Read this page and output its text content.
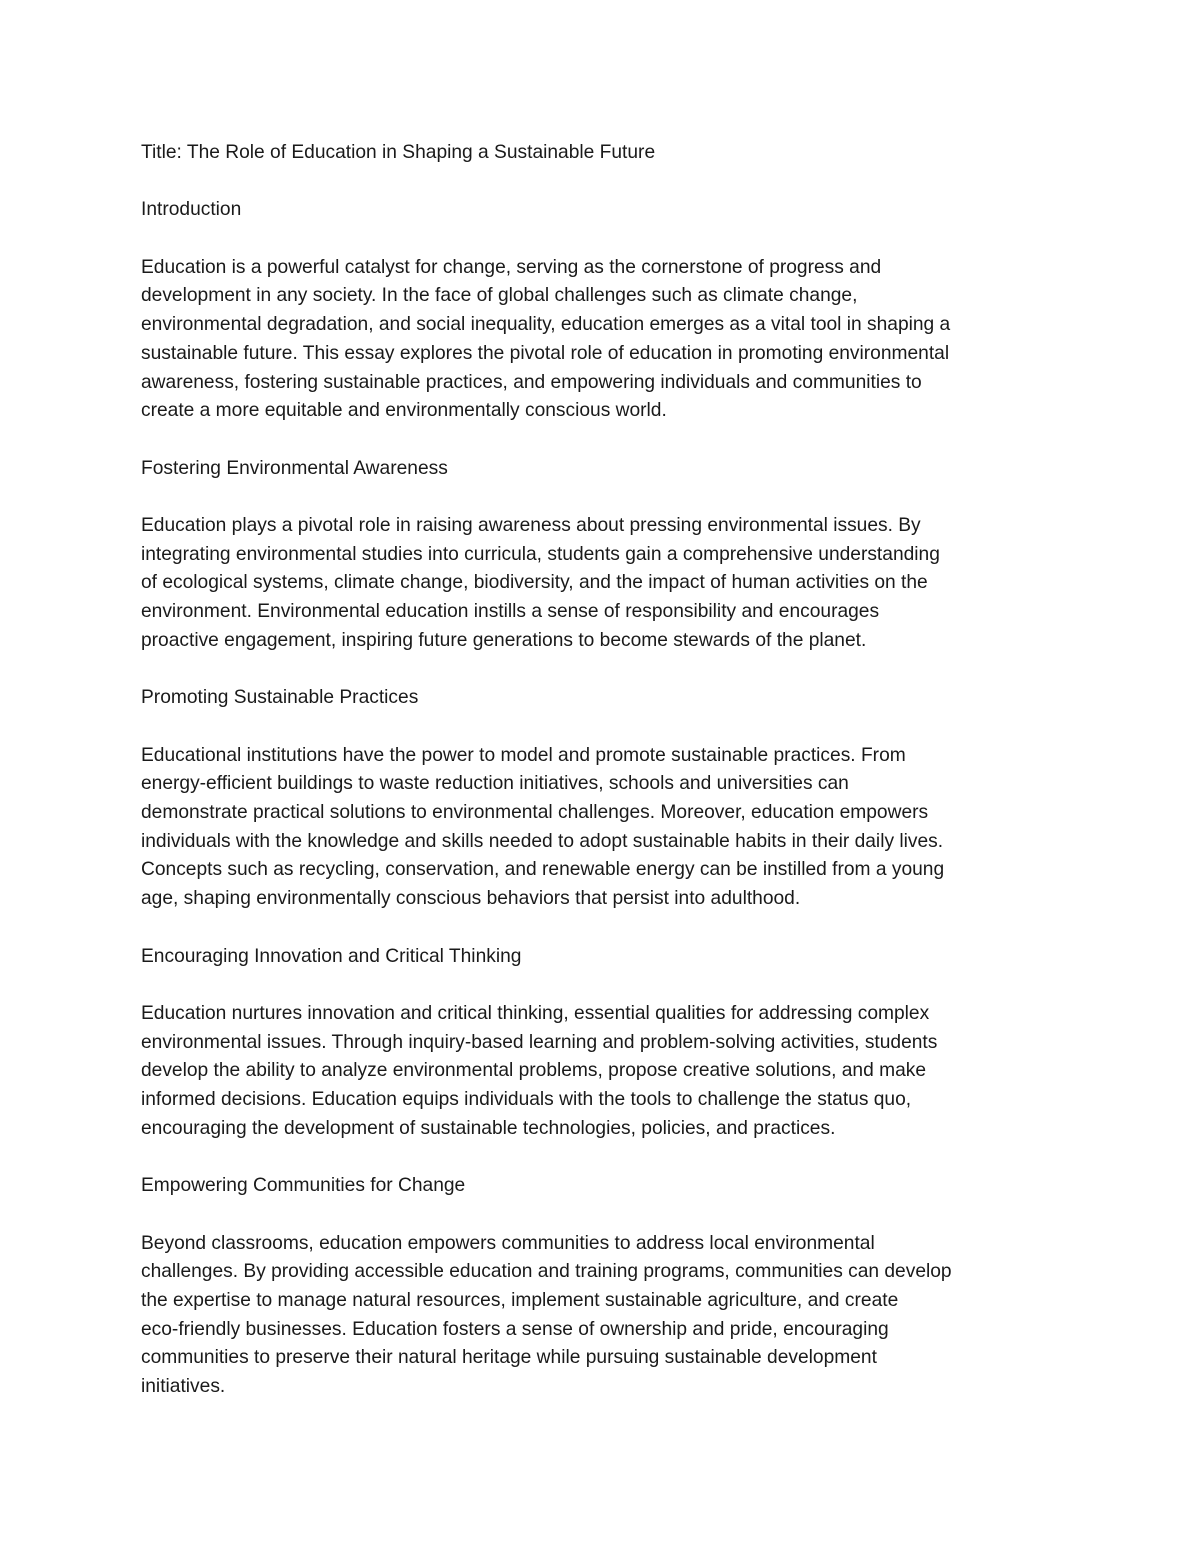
Title: The Role of Education in Shaping a Sustainable Future

Introduction

Education is a powerful catalyst for change, serving as the cornerstone of progress and
development in any society. In the face of global challenges such as climate change,
environmental degradation, and social inequality, education emerges as a vital tool in shaping a
sustainable future. This essay explores the pivotal role of education in promoting environmental
awareness, fostering sustainable practices, and empowering individuals and communities to
create a more equitable and environmentally conscious world.

Fostering Environmental Awareness

Education plays a pivotal role in raising awareness about pressing environmental issues. By
integrating environmental studies into curricula, students gain a comprehensive understanding
of ecological systems, climate change, biodiversity, and the impact of human activities on the
environment. Environmental education instills a sense of responsibility and encourages
proactive engagement, inspiring future generations to become stewards of the planet.

Promoting Sustainable Practices

Educational institutions have the power to model and promote sustainable practices. From
energy-efficient buildings to waste reduction initiatives, schools and universities can
demonstrate practical solutions to environmental challenges. Moreover, education empowers
individuals with the knowledge and skills needed to adopt sustainable habits in their daily lives.
Concepts such as recycling, conservation, and renewable energy can be instilled from a young
age, shaping environmentally conscious behaviors that persist into adulthood.

Encouraging Innovation and Critical Thinking

Education nurtures innovation and critical thinking, essential qualities for addressing complex
environmental issues. Through inquiry-based learning and problem-solving activities, students
develop the ability to analyze environmental problems, propose creative solutions, and make
informed decisions. Education equips individuals with the tools to challenge the status quo,
encouraging the development of sustainable technologies, policies, and practices.

Empowering Communities for Change

Beyond classrooms, education empowers communities to address local environmental
challenges. By providing accessible education and training programs, communities can develop
the expertise to manage natural resources, implement sustainable agriculture, and create
eco-friendly businesses. Education fosters a sense of ownership and pride, encouraging
communities to preserve their natural heritage while pursuing sustainable development
initiatives.
